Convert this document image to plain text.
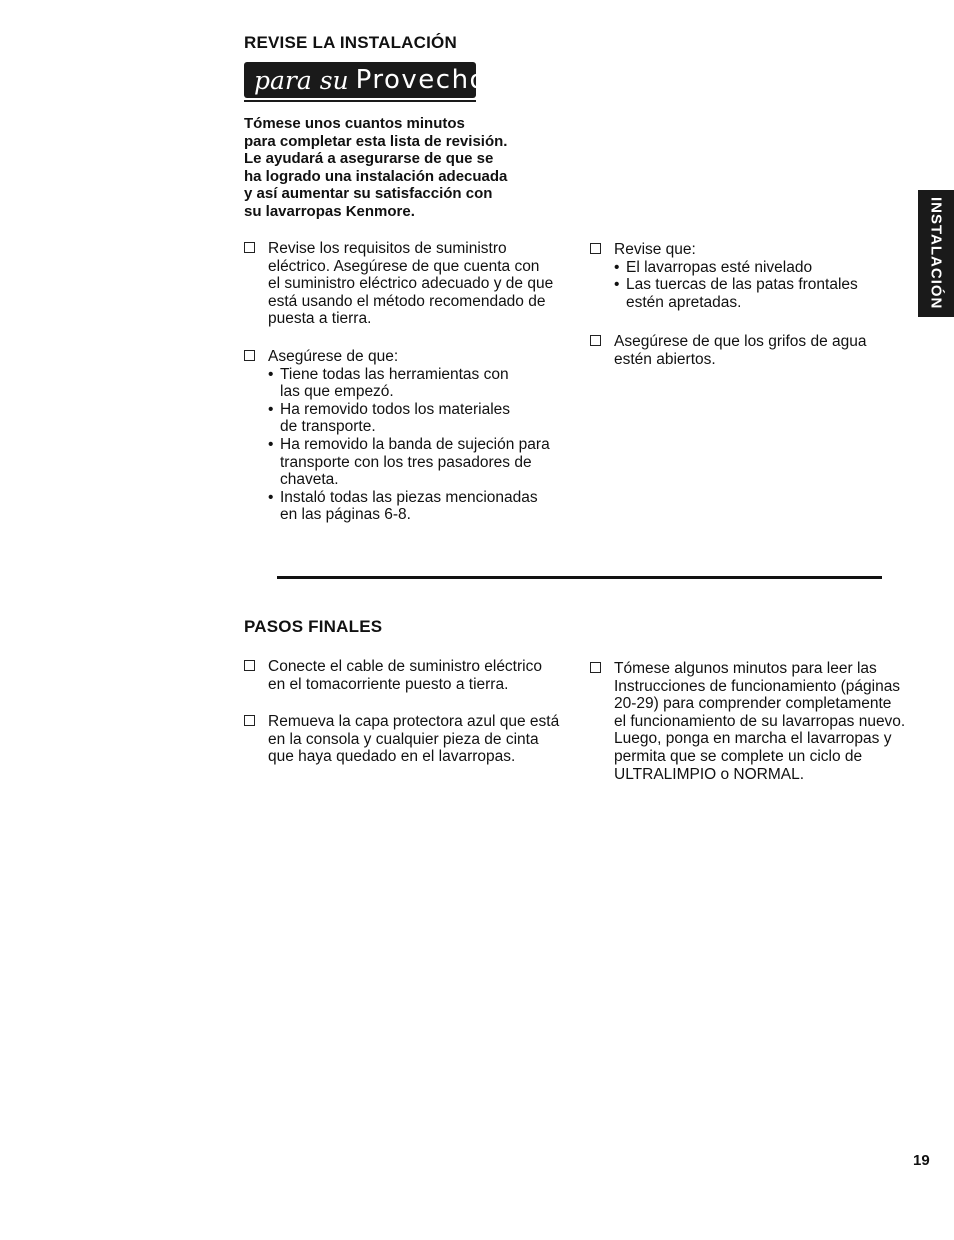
REVISE LA INSTALACIÓN
para su Provecho
Tómese unos cuantos minutos
para completar esta lista de revisión.
Le ayudará a asegurarse de que se
ha logrado una instalación adecuada
y así aumentar su satisfacción con
su lavarropas Kenmore.
Revise los requisitos de suministro
eléctrico. Asegúrese de que cuenta con
el suministro eléctrico adecuado y de que
está usando el método recomendado de
puesta a tierra.
Asegúrese de que:
• Tiene todas las herramientas con
las que empezó.
• Ha removido todos los materiales
de transporte.
• Ha removido la banda de sujeción para
transporte con los tres pasadores de
chaveta.
• Instaló todas las piezas mencionadas
en las páginas 6-8.
Revise que:
• El lavarropas esté nivelado
• Las tuercas de las patas frontales
estén apretadas.
Asegúrese de que los grifos de agua
estén abiertos.
INSTALACIÓN
PASOS FINALES
Conecte el cable de suministro eléctrico
en el tomacorriente puesto a tierra.
Remueva la capa protectora azul que está
en la consola y cualquier pieza de cinta
que haya quedado en el lavarropas.
Tómese algunos minutos para leer las
Instrucciones de funcionamiento (páginas
20-29) para comprender completamente
el funcionamiento de su lavarropas nuevo.
Luego, ponga en marcha el lavarropas y
permita que se complete un ciclo de
ULTRALIMPIO o NORMAL.
19
